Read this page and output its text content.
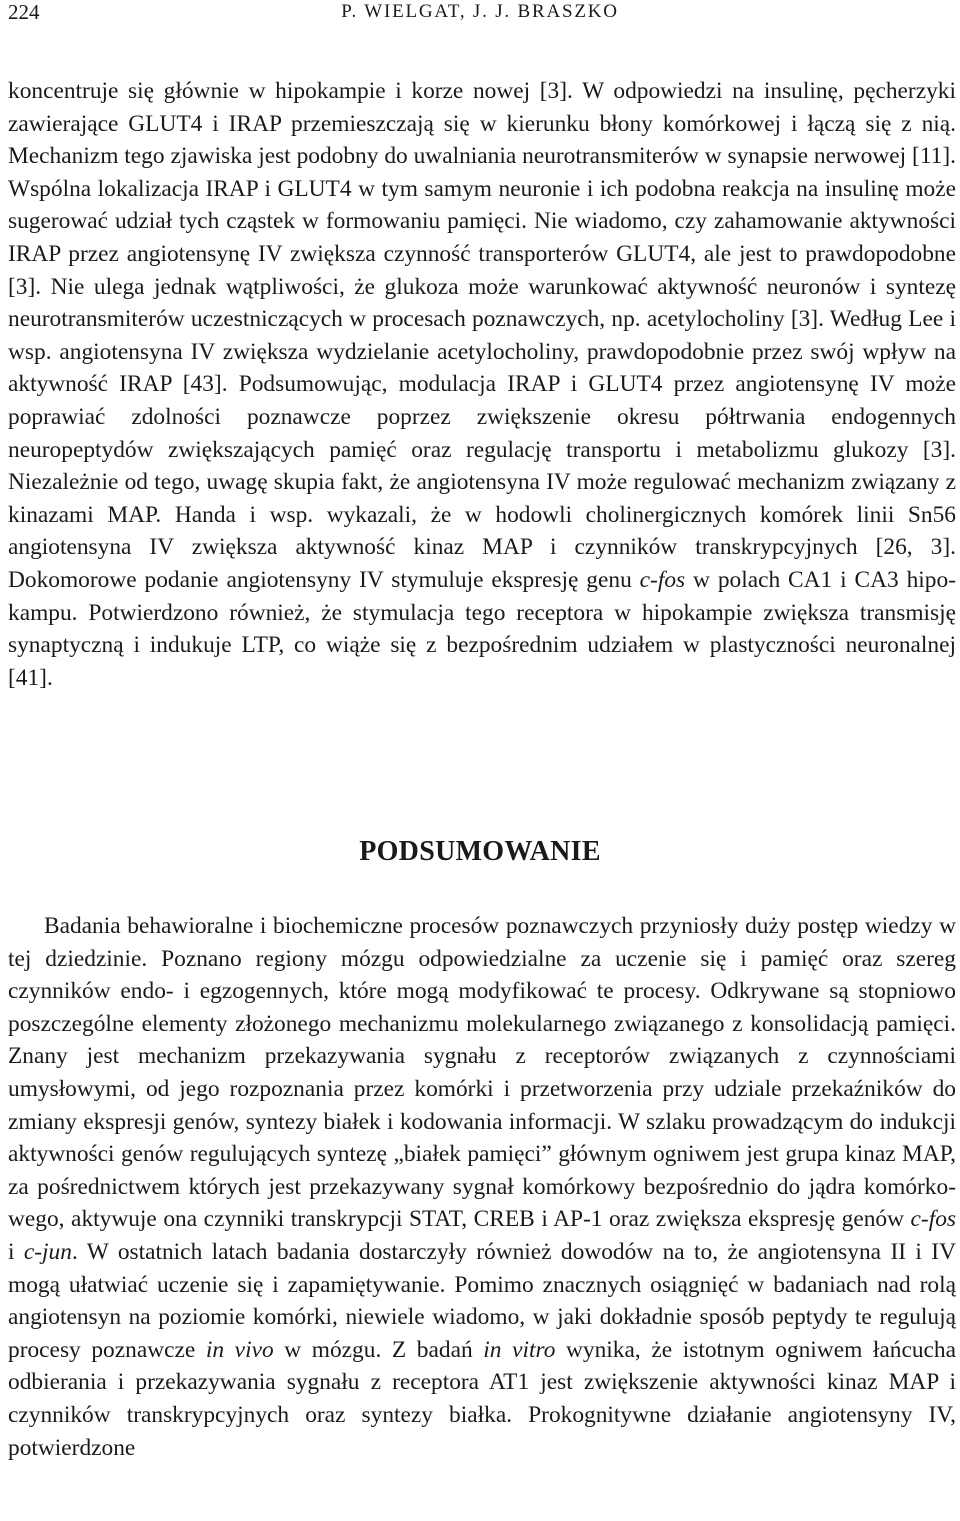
224	P. WIELGAT, J. J. BRASZKO

koncentruje się głównie w hipokampie i korze nowej [3]. W odpowiedzi na insulinę, pęcherzyki zawierające GLUT4 i IRAP przemieszczają się w kierunku błony komórkowej i łączą się z nią. Mechanizm tego zjawiska jest podobny do uwalniania neurotransmiterów w synapsie nerwowej [11]. Wspólna lokalizacja IRAP i GLUT4 w tym samym neuronie i ich podobna reakcja na insulinę może sugerować udział tych cząstek w formowaniu pamięci. Nie wiadomo, czy zahamowanie aktywności IRAP przez angiotensynę IV zwiększa czynność transporterów GLUT4, ale jest to prawdopodobne [3]. Nie ulega jednak wątpliwości, że glukoza może warunkować aktywność neuronów i syntezę neurotransmiterów uczestniczących w procesach poznawczych, np. acetylocholiny [3]. Według Lee i wsp. angiotensyna IV zwiększa wydzielanie acetylocholiny, prawdopodobnie przez swój wpływ na aktywność IRAP [43]. Podsumowując, modulacja IRAP i GLUT4 przez angiotensynę IV może poprawiać zdolności poznawcze poprzez zwiększenie okresu półtrwania endogennych neuropeptydów zwiększających pamięć oraz regulację transportu i metabolizmu glukozy [3]. Niezależnie od tego, uwagę skupia fakt, że angiotensyna IV może regulować mechanizm związany z kinazami MAP. Handa i wsp. wykazali, że w hodowli cholinergicznych komórek linii Sn56 angiotensyna IV zwiększa aktywność kinaz MAP i czynników transkrypcyjnych [26, 3]. Dokomorowe podanie angiotensyny IV stymuluje ekspresję genu c-fos w polach CA1 i CA3 hipokampu. Potwierdzono również, że stymulacja tego receptora w hipokampie zwiększa transmisję synaptyczną i indukuje LTP, co wiąże się z bezpośrednim udziałem w plastyczności neuronalnej [41].

PODSUMOWANIE

Badania behawioralne i biochemiczne procesów poznawczych przyniosły duży postęp wiedzy w tej dziedzinie. Poznano regiony mózgu odpowiedzialne za uczenie się i pamięć oraz szereg czynników endo- i egzogennych, które mogą modyfikować te procesy. Odkrywane są stopniowo poszczególne elementy złożonego mechanizmu molekularnego związanego z konsolidacją pamięci. Znany jest mechanizm przekazywania sygnału z receptorów związanych z czynnościami umysłowymi, od jego rozpoznania przez komórki i przetworzenia przy udziale przekaźników do zmiany ekspresji genów, syntezy białek i kodowania informacji. W szlaku prowadzącym do indukcji aktywności genów regulujących syntezę „białek pamięci” głównym ogniwem jest grupa kinaz MAP, za pośrednictwem których jest przekazywany sygnał komórkowy bezpośrednio do jądra komórkowego, aktywuje ona czynniki transkrypcji STAT, CREB i AP-1 oraz zwiększa ekspresję genów c-fos i c-jun. W ostatnich latach badania dostarczyły również dowodów na to, że angiotensyna II i IV mogą ułatwiać uczenie się i zapamiętywanie. Pomimo znacznych osiągnięć w badaniach nad rolą angiotensyn na poziomie komórki, niewiele wiadomo, w jaki dokładnie sposób peptydy te regulują procesy poznawcze in vivo w mózgu. Z badań in vitro wynika, że istotnym ogniwem łańcucha odbierania i przekazywania sygnału z receptora AT1 jest zwiększenie aktywności kinaz MAP i czynników transkrypcyjnych oraz syntezy białka. Prokognitywne działanie angiotensyny IV, potwierdzone
